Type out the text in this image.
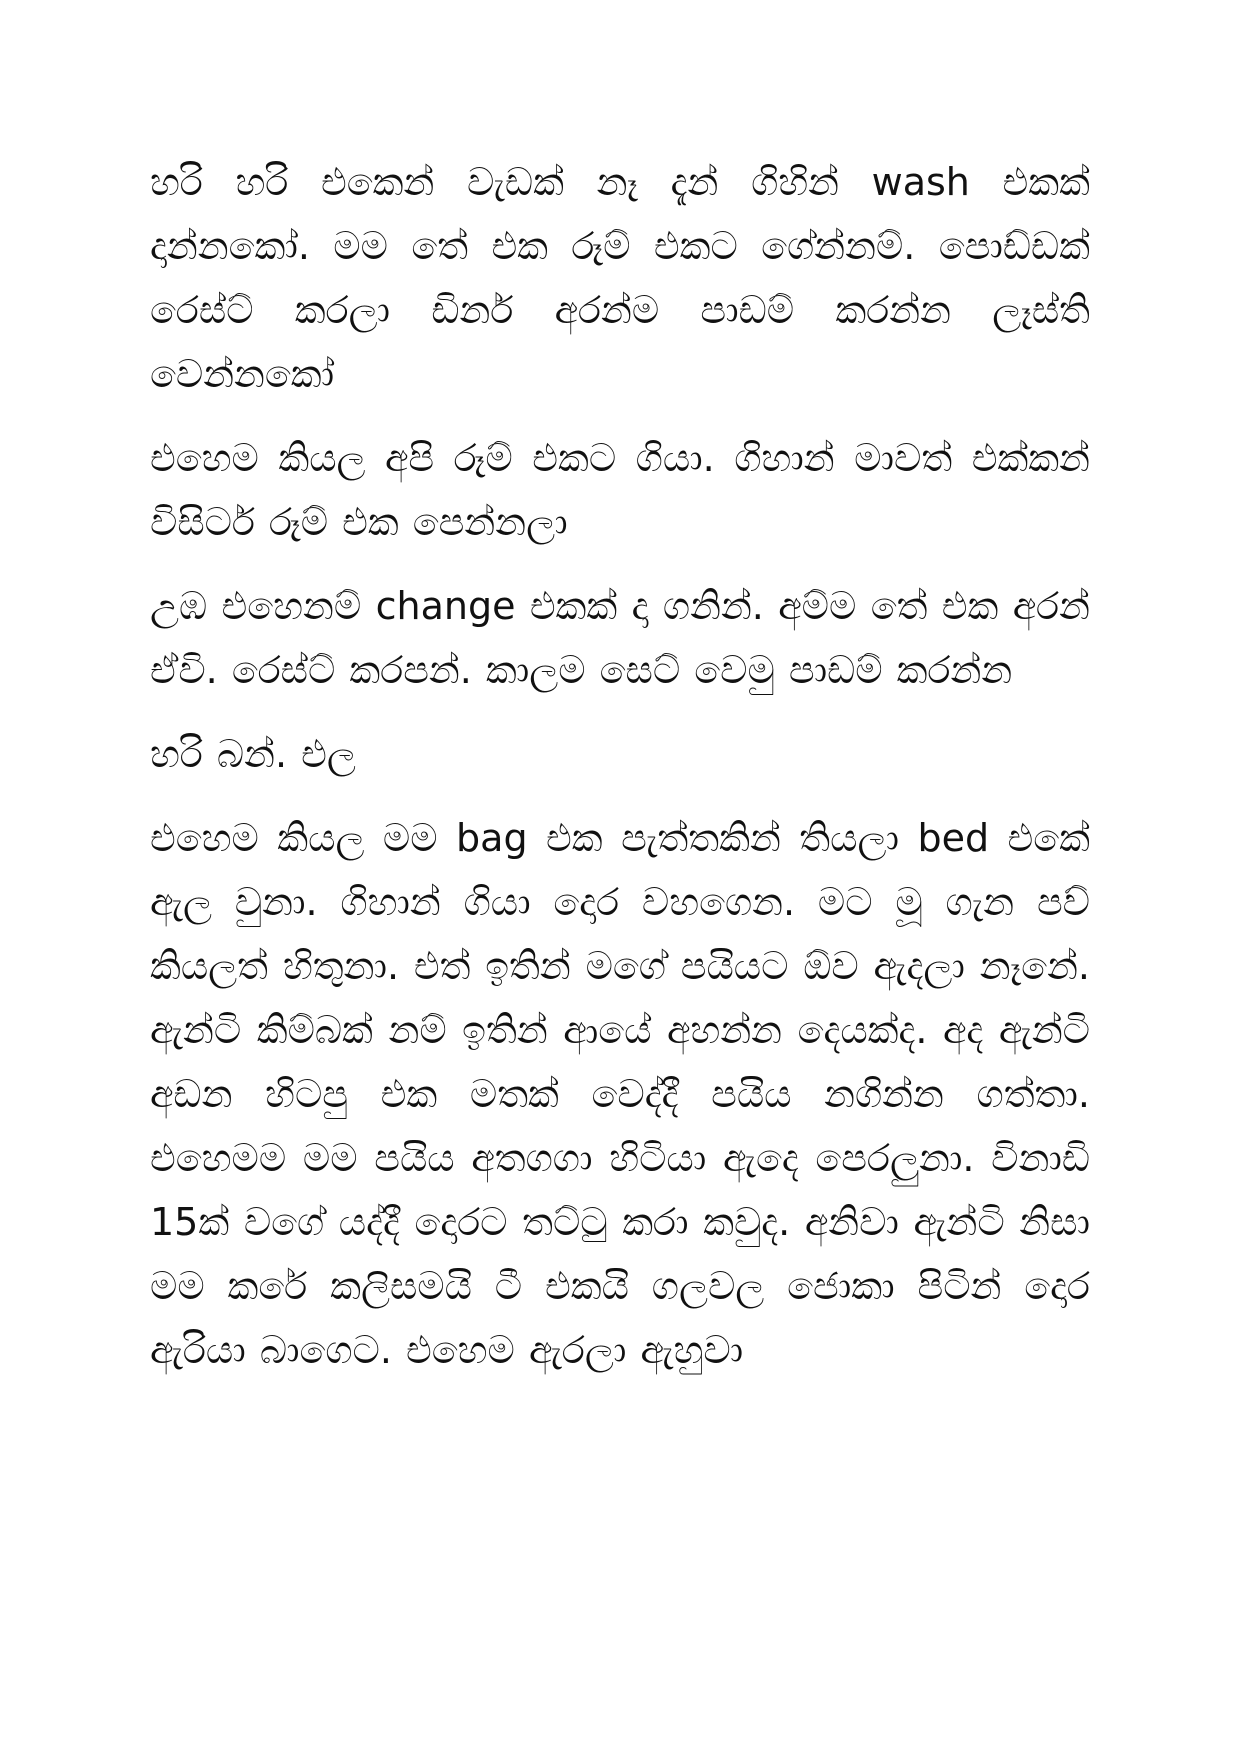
හරි හරි එකෙන් වැඩක් නෑ දැන් ගිහින් wash එකක් දාන්නකෝ. මම තේ එක රූම් එකට ගේන්නම්. පොඩ්ඩක් රෙස්ට් කරලා ඩිනර් අරන්ම පාඩම් කරන්න ලෑස්ති වෙන්නකෝ

එහෙම කියල අපි රූම් එකට ගියා. ගිහාන් මාවත් එක්කන් විසිටර් රූම් එක පෙන්නලා

උඹ එහෙනම් change එකක් දා ගනින්. අම්ම තේ එක අරන් ඒවි. රෙස්ට් කරපන්. කාලම සෙට් වෙමු පාඩම් කරන්න

හරි බන්. එල

එහෙම කියල මම bag එක පැත්තකින් තියලා bed එකේ ඇල වුනා. ගිහාන් ගියා දොර වහගෙන. මට මූ ගැන පව් කියලත් හිතුනා. එත් ඉතින් මගේ පයියට ඕව ඇදලා නෑනේ. ඇන්ටි කිම්බක් නම් ඉතින් ආයේ අහන්න දෙයක්ද. අද ඇන්ටි අඩන හිටපු එක මතක් වෙද්දී පයිය නගින්න ගත්තා. එහෙමම මම පයිය අතගගා හිටියා ඇදෙ පෙරලුනා. විනාඩි 15ක් වගේ යද්දී දොරට තට්ටු කරා කවුද. අනිවා ඇන්ටි නිසා මම කරේ කලිසමයි ටී එකයි ගලවල ජොකා පිටින් දොර ඇරියා බාගෙට. එහෙම ඇරලා ඇහුවා
